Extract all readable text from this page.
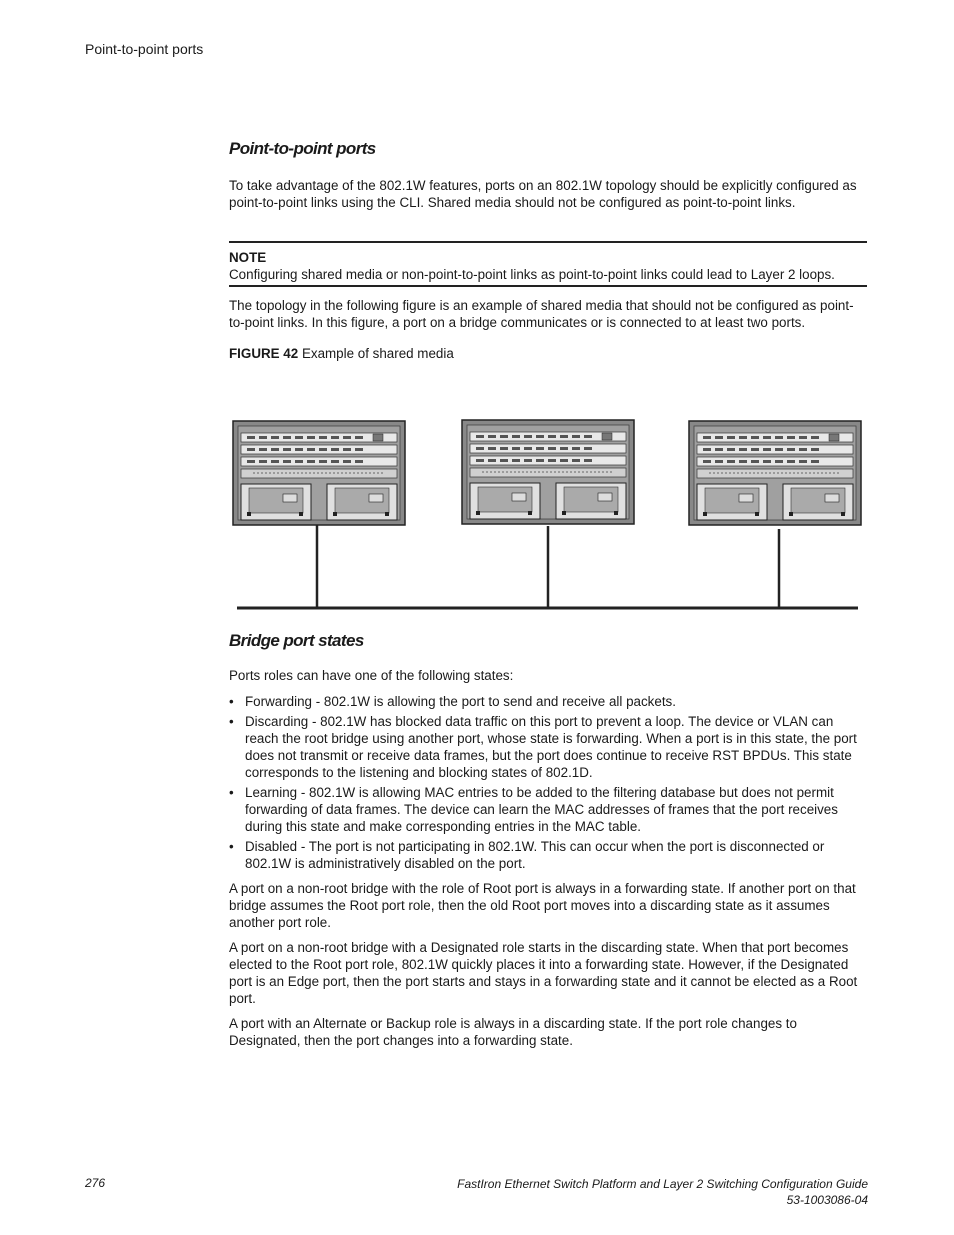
Point-to-point ports
Point-to-point ports

To take advantage of the 802.1W features, ports on an 802.1W topology should be explicitly configured as point-to-point links using the CLI. Shared media should not be configured as point-to-point links.

NOTE
Configuring shared media or non-point-to-point links as point-to-point links could lead to Layer 2 loops.

The topology in the following figure is an example of shared media that should not be configured as point-to-point links. In this figure, a port on a bridge communicates or is connected to at least two ports.

FIGURE 42 Example of shared media

Bridge port states

Ports roles can have one of the following states:

• Forwarding - 802.1W is allowing the port to send and receive all packets.
• Discarding - 802.1W has blocked data traffic on this port to prevent a loop. The device or VLAN can reach the root bridge using another port, whose state is forwarding. When a port is in this state, the port does not transmit or receive data frames, but the port does continue to receive RST BPDUs. This state corresponds to the listening and blocking states of 802.1D.
• Learning - 802.1W is allowing MAC entries to be added to the filtering database but does not permit forwarding of data frames. The device can learn the MAC addresses of frames that the port receives during this state and make corresponding entries in the MAC table.
• Disabled - The port is not participating in 802.1W. This can occur when the port is disconnected or 802.1W is administratively disabled on the port.

A port on a non-root bridge with the role of Root port is always in a forwarding state. If another port on that bridge assumes the Root port role, then the old Root port moves into a discarding state as it assumes another port role.

A port on a non-root bridge with a Designated role starts in the discarding state. When that port becomes elected to the Root port role, 802.1W quickly places it into a forwarding state. However, if the Designated port is an Edge port, then the port starts and stays in a forwarding state and it cannot be elected as a Root port.

A port with an Alternate or Backup role is always in a discarding state. If the port role changes to Designated, then the port changes into a forwarding state.

276	FastIron Ethernet Switch Platform and Layer 2 Switching Configuration Guide
53-1003086-04
